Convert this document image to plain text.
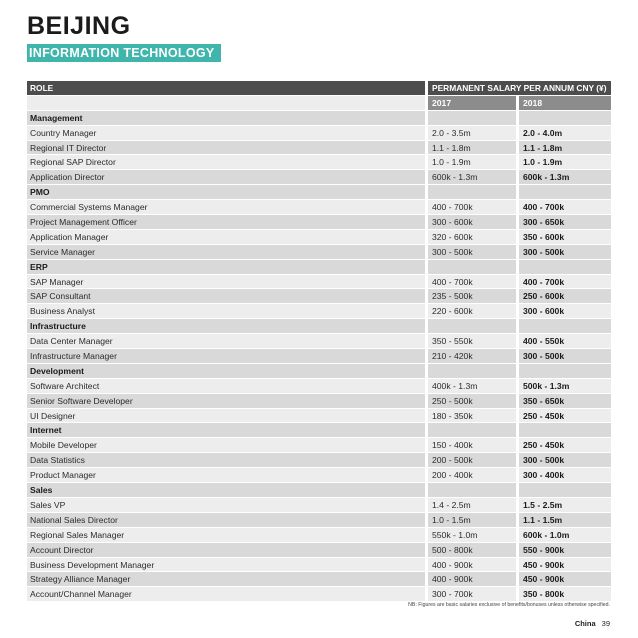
BEIJING
INFORMATION TECHNOLOGY
ROLE	PERMANENT SALARY PER ANNUM CNY (¥)
2017	2018
Management
Country Manager	2.0 - 3.5m	2.0 - 4.0m
Regional IT Director	1.1 - 1.8m	1.1 - 1.8m
Regional SAP Director	1.0 - 1.9m	1.0 - 1.9m
Application Director	600k - 1.3m	600k - 1.3m
PMO
Commercial Systems Manager	400 - 700k	400 - 700k
Project Management Officer	300 - 600k	300 - 650k
Application Manager	320 - 600k	350 - 600k
Service Manager	300 - 500k	300 - 500k
ERP
SAP Manager	400 - 700k	400 - 700k
SAP Consultant	235 - 500k	250 - 600k
Business Analyst	220 - 600k	300 - 600k
Infrastructure
Data Center Manager	350 - 550k	400 - 550k
Infrastructure Manager	210 - 420k	300 - 500k
Development
Software Architect	400k - 1.3m	500k - 1.3m
Senior Software Developer	250 - 500k	350 - 650k
UI Designer	180 - 350k	250 - 450k
Internet
Mobile Developer	150 - 400k	250 - 450k
Data Statistics	200 - 500k	300 - 500k
Product Manager	200 - 400k	300 - 400k
Sales
Sales VP	1.4 - 2.5m	1.5 - 2.5m
National Sales Director	1.0 - 1.5m	1.1 - 1.5m
Regional Sales Manager	550k - 1.0m	600k - 1.0m
Account Director	500 - 800k	550 - 900k
Business Development Manager	400 - 900k	450 - 900k
Strategy Alliance Manager	400 - 900k	450 - 900k
Account/Channel Manager	300 - 700k	350 - 800k
NB: Figures are basic salaries exclusive of benefits/bonuses unless otherwise specified.
China 39
